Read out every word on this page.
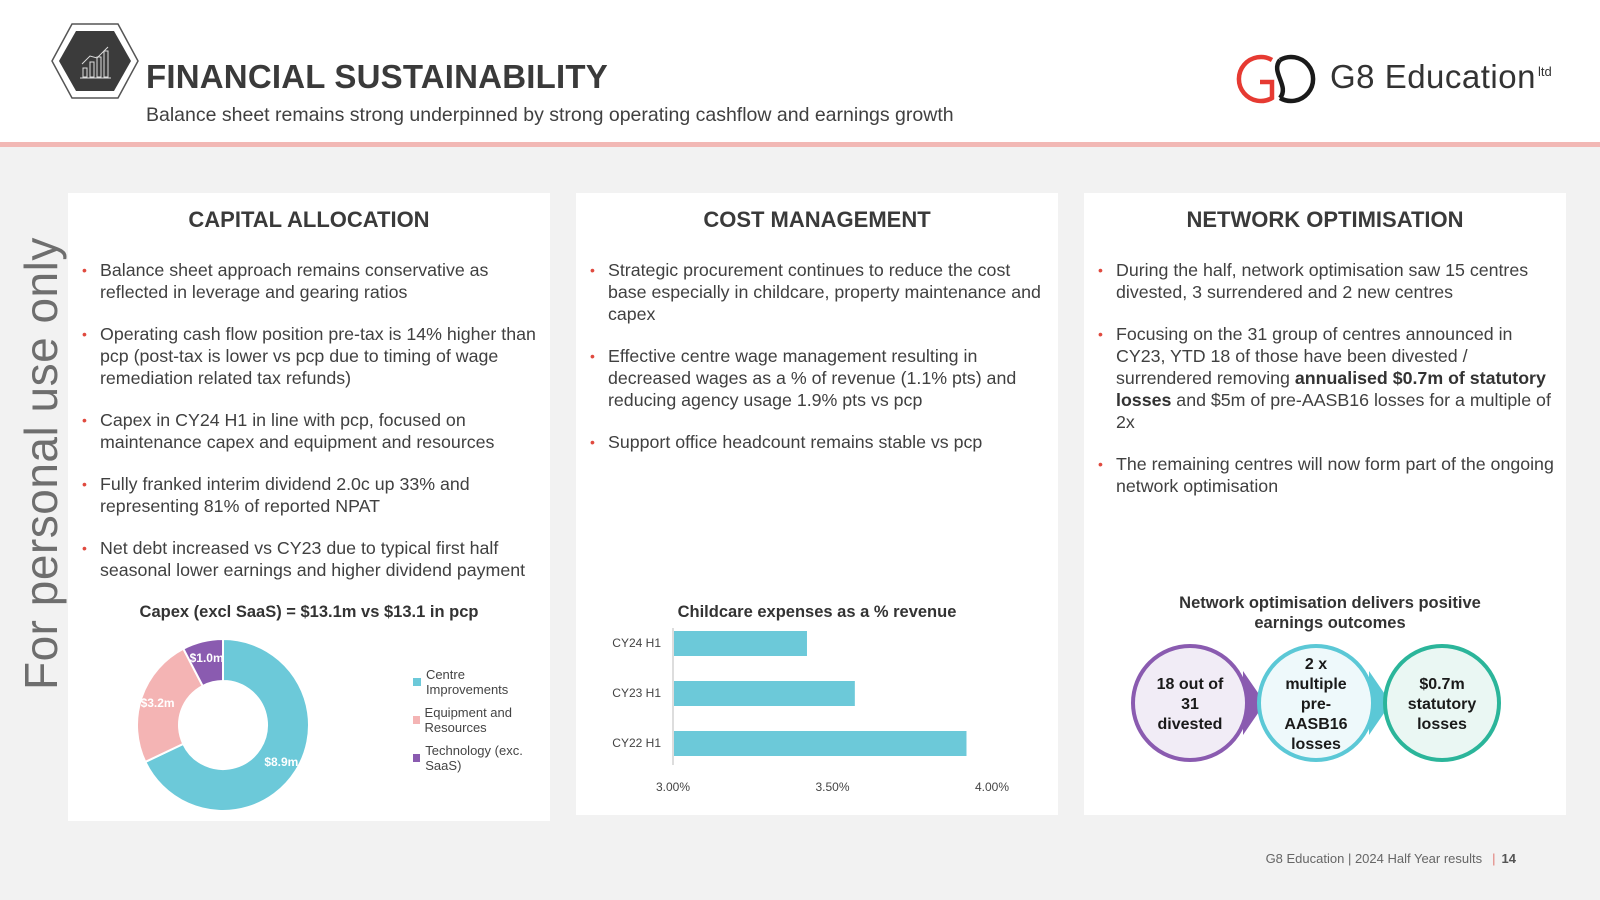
FINANCIAL SUSTAINABILITY
Balance sheet remains strong underpinned by strong operating cashflow and earnings growth
G8 Education ltd
For personal use only
CAPITAL ALLOCATION
• Balance sheet approach remains conservative as reflected in leverage and gearing ratios
• Operating cash flow position pre-tax is 14% higher than pcp (post-tax is lower vs pcp due to timing of wage remediation related tax refunds)
• Capex in CY24 H1 in line with pcp, focused on maintenance capex and equipment and resources
• Fully franked interim dividend 2.0c up 33% and representing 81% of reported NPAT
• Net debt increased vs CY23 due to typical first half seasonal lower earnings and higher dividend payment
Capex (excl SaaS) = $13.1m vs $13.1 in pcp
$8.9m
$3.2m
$1.0m
Centre Improvements
Equipment and Resources
Technology (exc. SaaS)
COST MANAGEMENT
• Strategic procurement continues to reduce the cost base especially in childcare, property maintenance and capex
• Effective centre wage management resulting in decreased wages as a % of revenue (1.1% pts) and reducing agency usage 1.9% pts vs pcp
• Support office headcount remains stable vs pcp
Childcare expenses as a % revenue
CY24 H1
CY23 H1
CY22 H1
3.00%	3.50%	4.00%
NETWORK OPTIMISATION
• During the half, network optimisation saw 15 centres divested, 3 surrendered and 2 new centres
• Focusing on the 31 group of centres announced in CY23, YTD 18 of those have been divested / surrendered removing annualised $0.7m of statutory losses and $5m of pre-AASB16 losses for a multiple of 2x
• The remaining centres will now form part of the ongoing network optimisation
Network optimisation delivers positive earnings outcomes
18 out of 31 divested
2 x multiple pre-AASB16 losses
$0.7m statutory losses
G8 Education | 2024 Half Year results | 14
